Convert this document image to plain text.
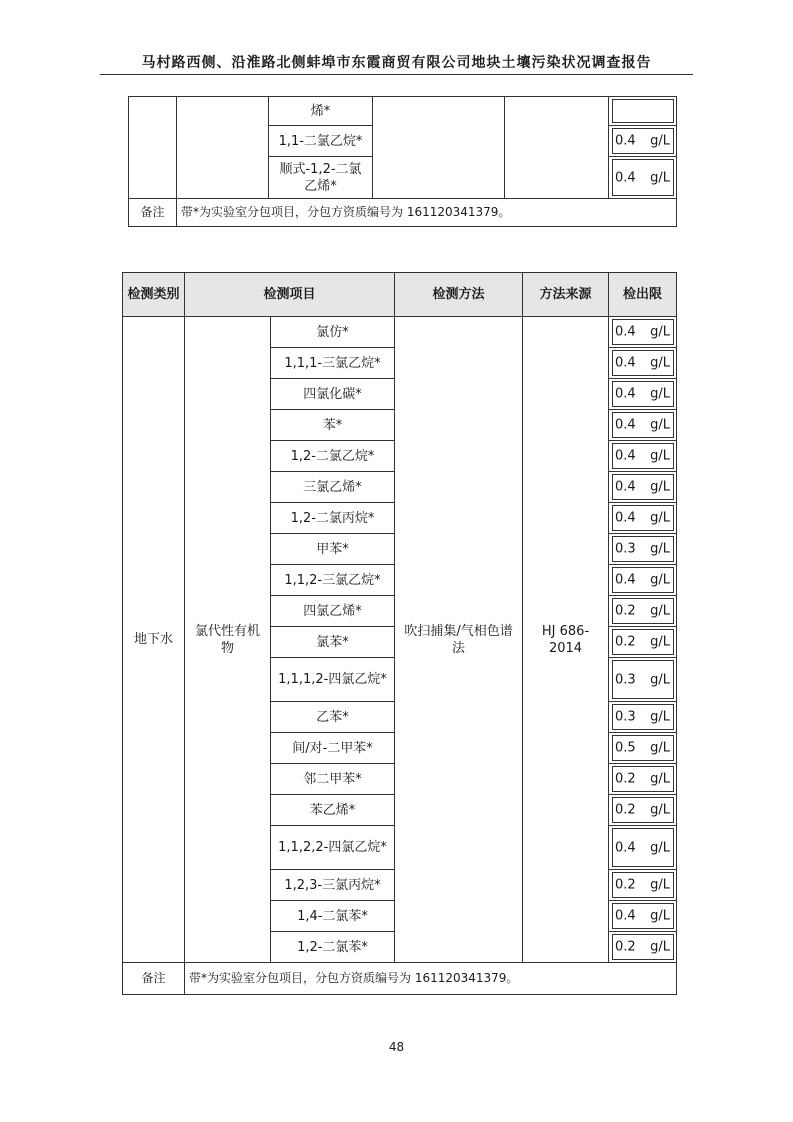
马村路西侧、沿淮路北侧蚌埠市东霞商贸有限公司地块土壤污染状况调查报告
		烯*			

		1,1-二氯乙烷*			0.4 g/L

		顺式-1,2-二氯乙烯*			0.4 g/L

备注	带*为实验室分包项目，分包方资质编号为 161120341379。				
检测类别	检测项目		检测方法	方法来源	检出限
地下水	氯代性有机物	氯仿*	吹扫捕集/气相色谱法	HJ 686-2014	0.4 g/L

		1,1,1-三氯乙烷*			0.4 g/L

		四氯化碳*			0.4 g/L

		苯*			0.4 g/L

		1,2-二氯乙烷*			0.4 g/L

		三氯乙烯*			0.4 g/L

		1,2-二氯丙烷*			0.4 g/L

		甲苯*			0.3 g/L

		1,1,2-三氯乙烷*			0.4 g/L

		四氯乙烯*			0.2 g/L

		氯苯*			0.2 g/L

		1,1,1,2-四氯乙烷*			0.3 g/L

		乙苯*			0.3 g/L

		间/对-二甲苯*			0.5 g/L

		邻二甲苯*			0.2 g/L

		苯乙烯*			0.2 g/L

		1,1,2,2-四氯乙烷*			0.4 g/L

		1,2,3-三氯丙烷*			0.2 g/L

		1,4-二氯苯*			0.4 g/L

		1,2-二氯苯*			0.2 g/L

备注	带*为实验室分包项目，分包方资质编号为 161120341379。				
48
